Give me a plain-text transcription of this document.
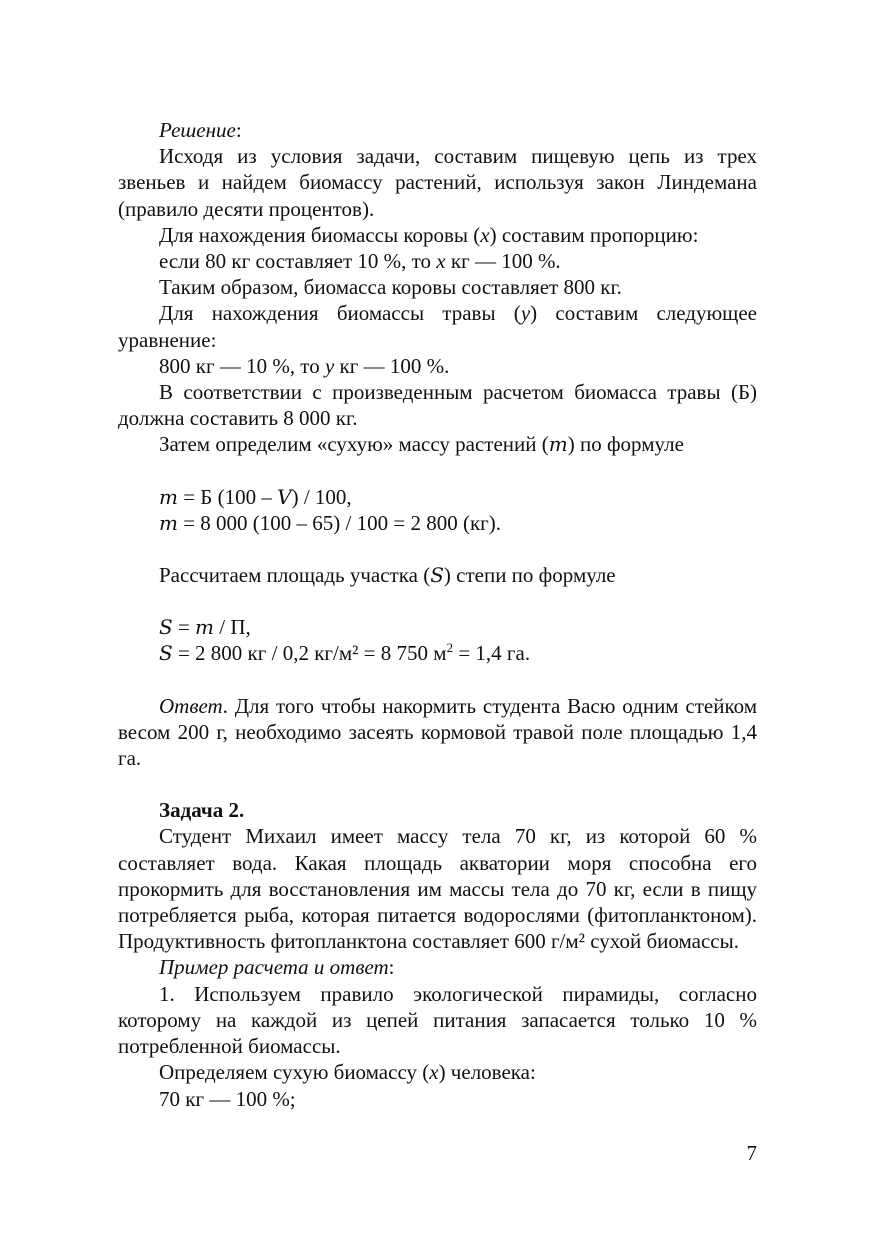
Решение:

Исходя из условия задачи, составим пищевую цепь из трех звеньев и найдем биомассу растений, используя закон Линдемана (правило десяти процентов).

Для нахождения биомассы коровы (x) составим пропорцию:

если 80 кг составляет 10 %, то x кг — 100 %.

Таким образом, биомасса коровы составляет 800 кг.

Для нахождения биомассы травы (y) составим следующее уравнение:

800 кг — 10 %, то y кг — 100 %.

В соответствии с произведенным расчетом биомасса травы (Б) должна составить 8 000 кг.

Затем определим «сухую» массу растений (m) по формуле

m = Б (100 – V) / 100,

m = 8 000 (100 – 65) / 100 = 2 800 (кг).

Рассчитаем площадь участка (S) степи по формуле

S = m / П,

S = 2 800 кг / 0,2 кг/м² = 8 750 $м^2 = 1,4$ га.

Ответ. Для того чтобы накормить студента Васю одним стейком весом 200 г, необходимо засеять кормовой травой поле площадью 1,4 га.

Задача 2.

Студент Михаил имеет массу тела 70 кг, из которой 60 % составляет вода. Какая площадь акватории моря способна его прокормить для восстановления им массы тела до 70 кг, если в пищу потребляется рыба, которая питается водорослями (фитопланктоном). Продуктивность фитопланктона составляет 600 г/м² сухой биомассы.

Пример расчета и ответ:

1. Используем правило экологической пирамиды, согласно которому на каждой из цепей питания запасается только 10 % потребленной биомассы.

Определяем сухую биомассу (x) человека:

70 кг — 100 %;

7
